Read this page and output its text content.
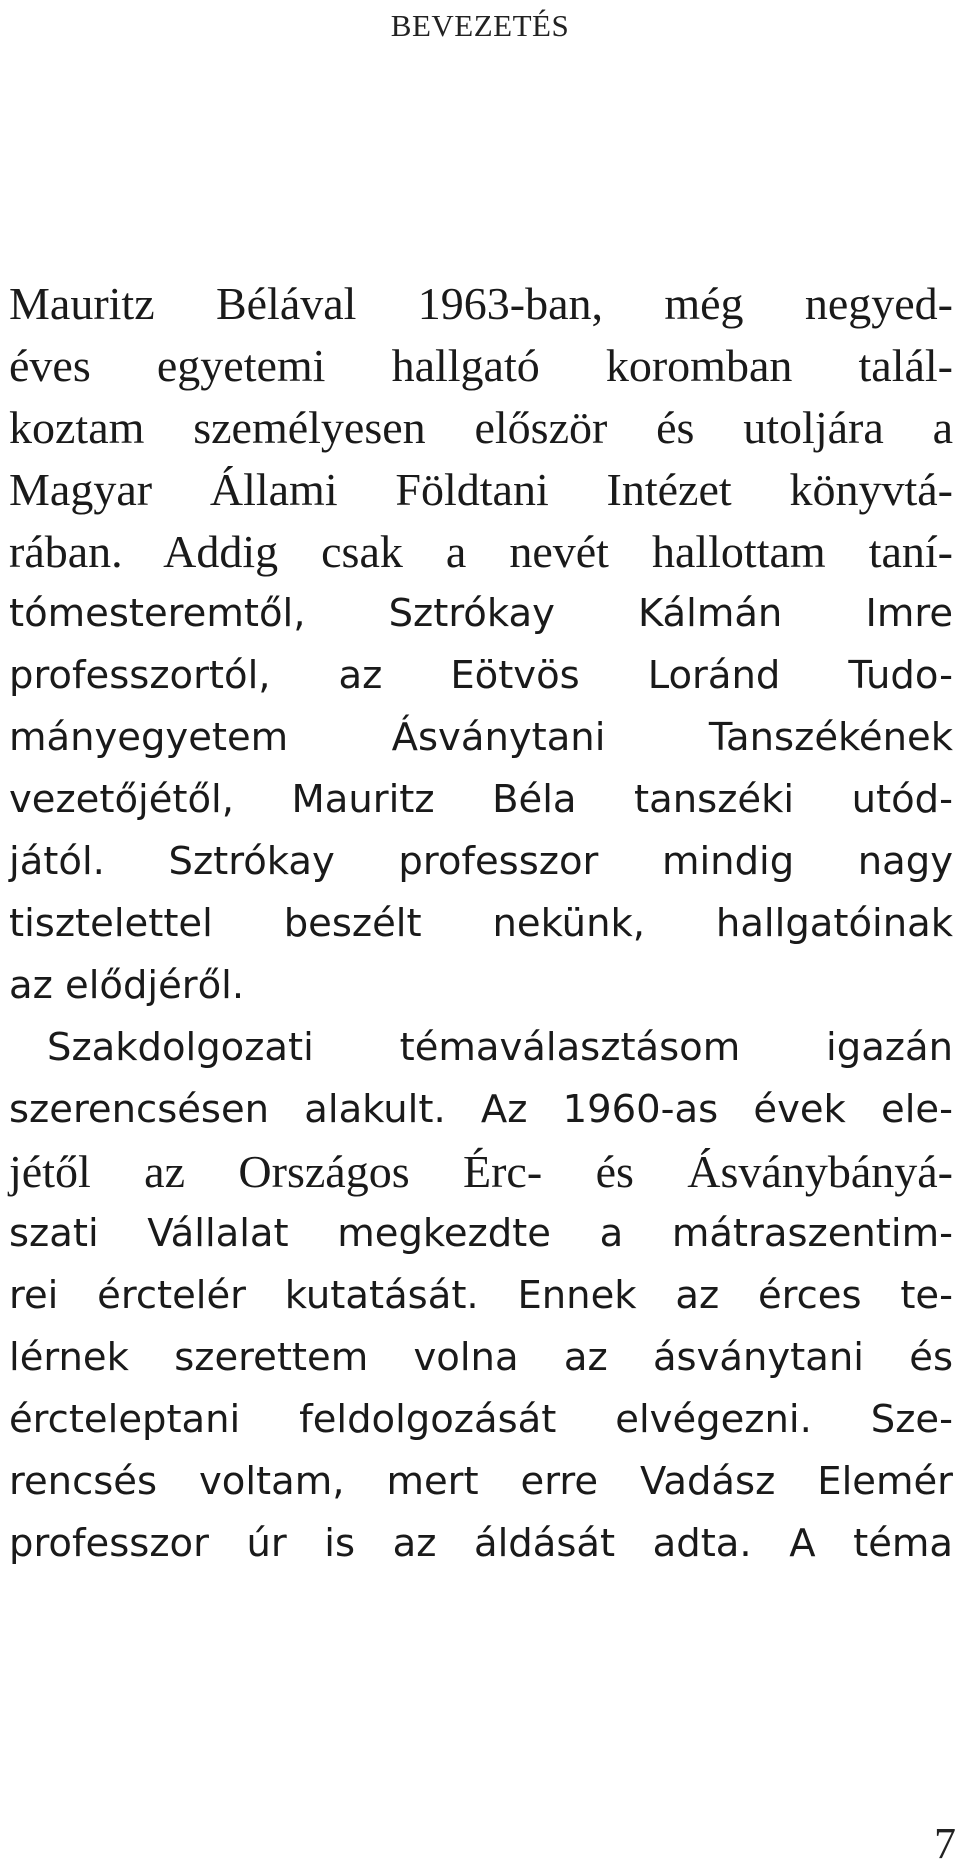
BEVEZETÉS
Mauritz Bélával 1963-ban, még negyed-
éves egyetemi hallgató koromban talál-
koztam személyesen először és utoljára a
Magyar Állami Földtani Intézet könyvtá-
rában. Addig csak a nevét hallottam taní-
tómesteremtől, Sztrókay Kálmán Imre
professzortól, az Eötvös Loránd Tudo-
mányegyetem Ásványtani Tanszékének
vezetőjétől, Mauritz Béla tanszéki utód-
jától. Sztrókay professzor mindig nagy
tisztelettel beszélt nekünk, hallgatóinak
az elődjéről.
Szakdolgozati témaválasztásom igazán
szerencsésen alakult. Az 1960-as évek ele-
jétől az Országos Érc- és Ásványbányá-
szati Vállalat megkezdte a mátraszentim-
rei érctelér kutatását. Ennek az érces te-
lérnek szerettem volna az ásványtani és
ércteleptani feldolgozását elvégezni. Sze-
rencsés voltam, mert erre Vadász Elemér
professzor úr is az áldását adta. A téma
7
